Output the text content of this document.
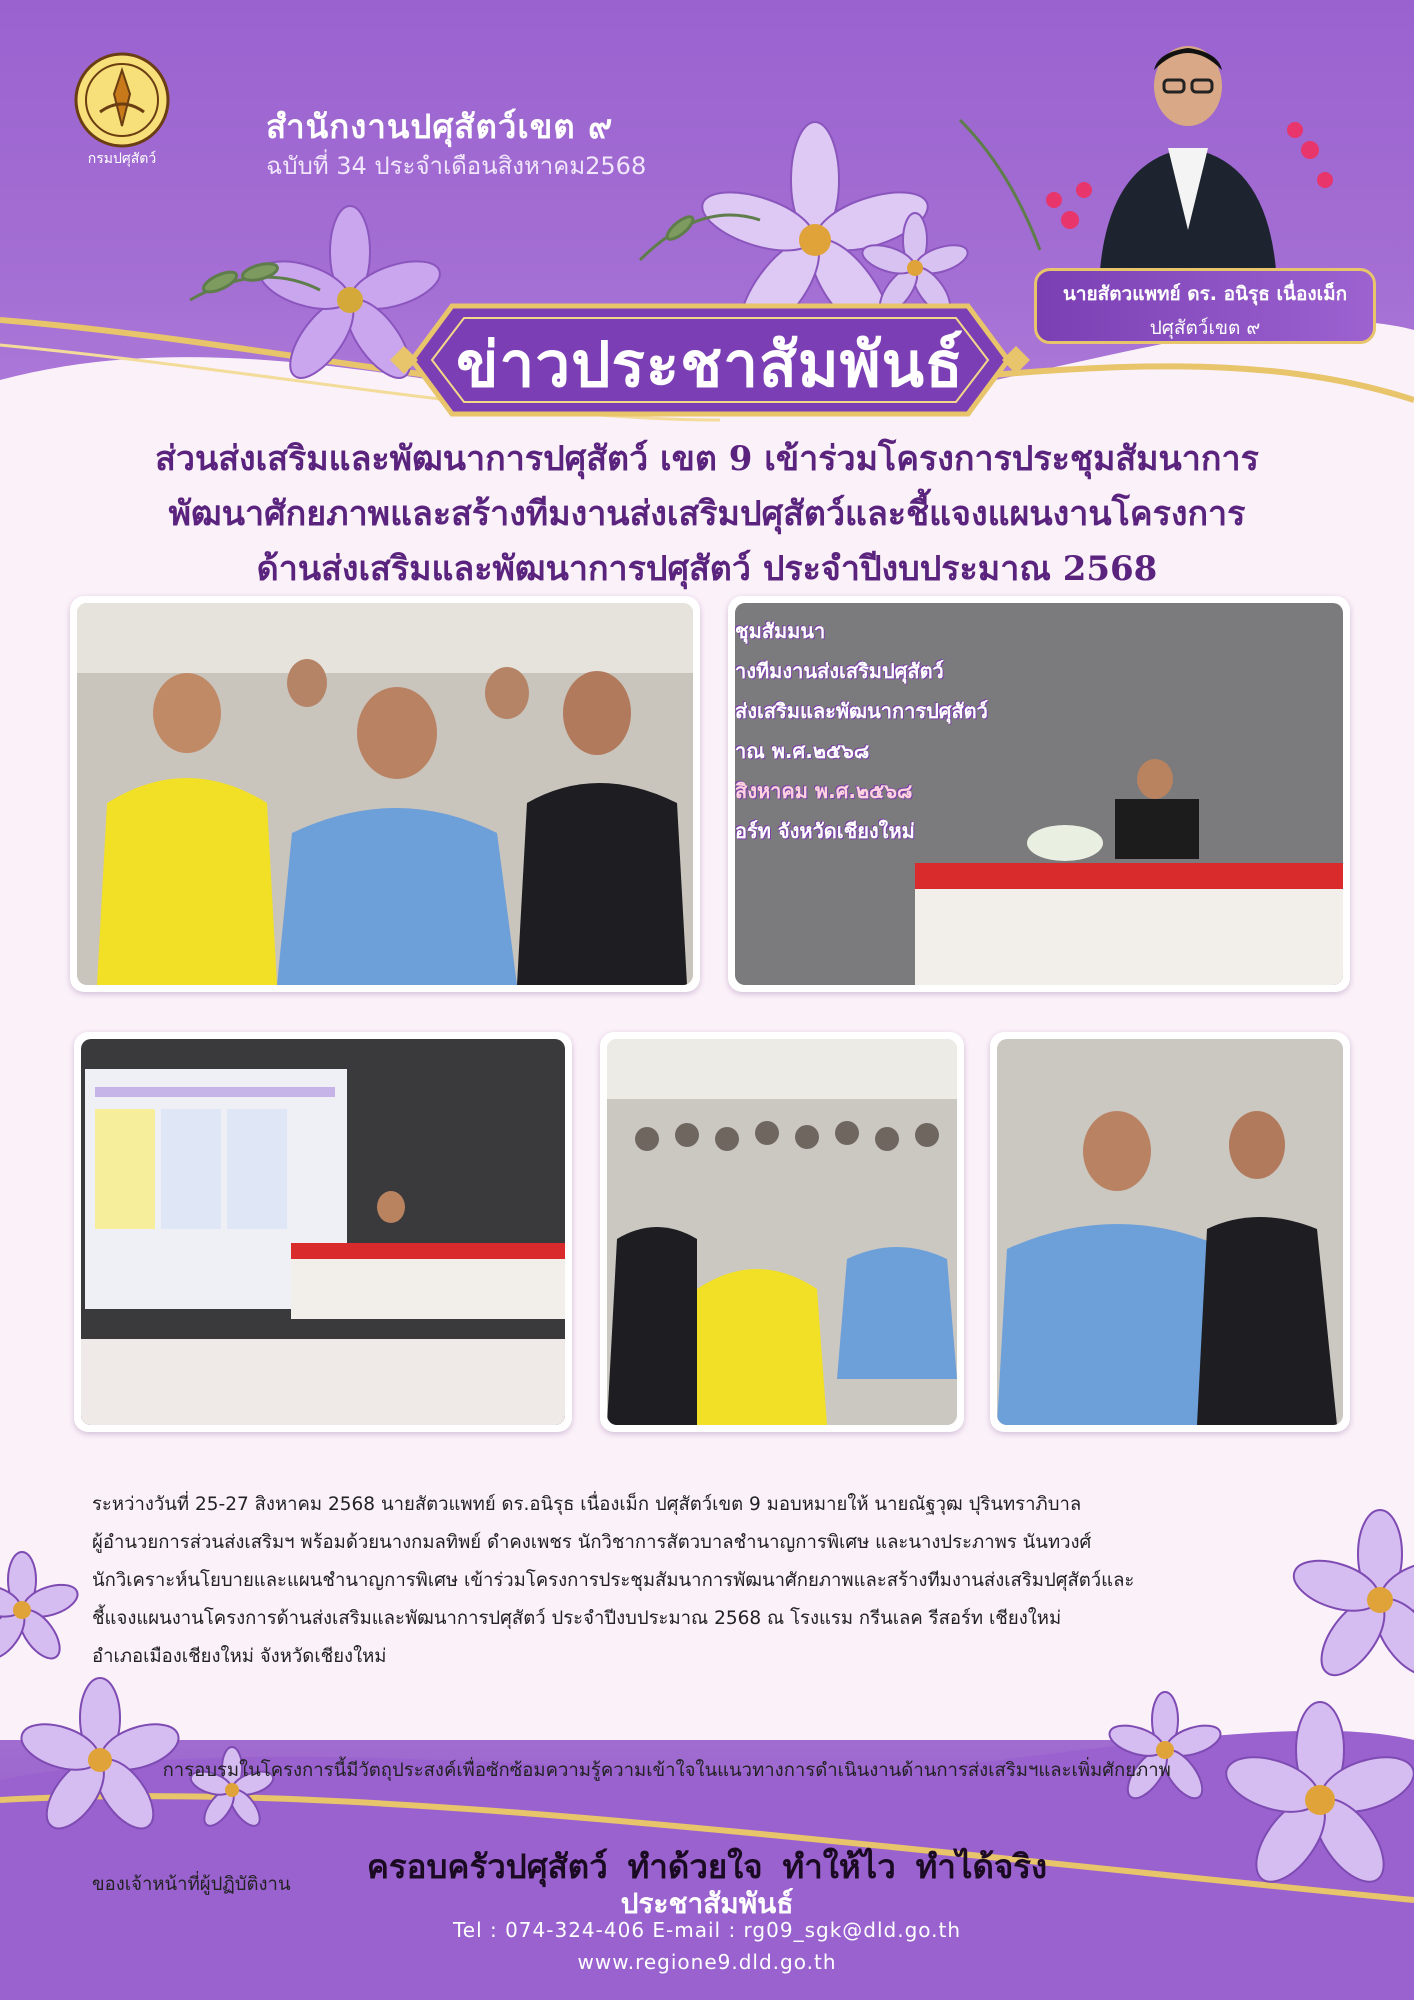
กรมปศุสัตว์
สำนักงานปศุสัตว์เขต ๙
ฉบับที่ 34 ประจำเดือนสิงหาคม2568
นายสัตวแพทย์ ดร. อนิรุธ เนื่องเม็ก
ปศุสัตว์เขต ๙
ข่าวประชาสัมพันธ์
ส่วนส่งเสริมและพัฒนาการปศุสัตว์ เขต 9 เข้าร่วมโครงการประชุมสัมนาการ
พัฒนาศักยภาพและสร้างทีมงานส่งเสริมปศุสัตว์และชี้แจงแผนงานโครงการ
ด้านส่งเสริมและพัฒนาการปศุสัตว์ ประจำปีงบประมาณ 2568
ชุมสัมมนา
างทีมงานส่งเสริมปศุสัตว์
ส่งเสริมและพัฒนาการปศุสัตว์
าณ พ.ศ.๒๕๖๘
สิงหาคม พ.ศ.๒๕๖๘
อร์ท จังหวัดเชียงใหม่

ระหว่างวันที่ 25-27 สิงหาคม 2568 นายสัตวแพทย์ ดร.อนิรุธ เนื่องเม็ก ปศุสัตว์เขต 9 มอบหมายให้ นายณัฐวุฒ ปุรินทราภิบาล

ผู้อำนวยการส่วนส่งเสริมฯ พร้อมด้วยนางกมลทิพย์ ดำคงเพชร นักวิชาการสัตวบาลชำนาญการพิเศษ และนางประภาพร นันทวงศ์

นักวิเคราะห์นโยบายและแผนชำนาญการพิเศษ เข้าร่วมโครงการประชุมสัมนาการพัฒนาศักยภาพและสร้างทีมงานส่งเสริมปศุสัตว์และ

ชี้แจงแผนงานโครงการด้านส่งเสริมและพัฒนาการปศุสัตว์ ประจำปีงบประมาณ 2568 ณ โรงแรม กรีนเลค รีสอร์ท เชียงใหม่

อำเภอเมืองเชียงใหม่ จังหวัดเชียงใหม่

การอบรมในโครงการนี้มีวัตถุประสงค์เพื่อซักซ้อมความรู้ความเข้าใจในแนวทางการดำเนินงานด้านการส่งเสริมฯและเพิ่มศักยภาพ

ของเจ้าหน้าที่ผู้ปฏิบัติงาน

	ครอบครัวปศุสัตว์ ทำด้วยใจ ทำให้ไว ทำได้จริง
ประชาสัมพันธ์
Tel : 074-324-406 E-mail : rg09_sgk@dld.go.th
www.regione9.dld.go.th
